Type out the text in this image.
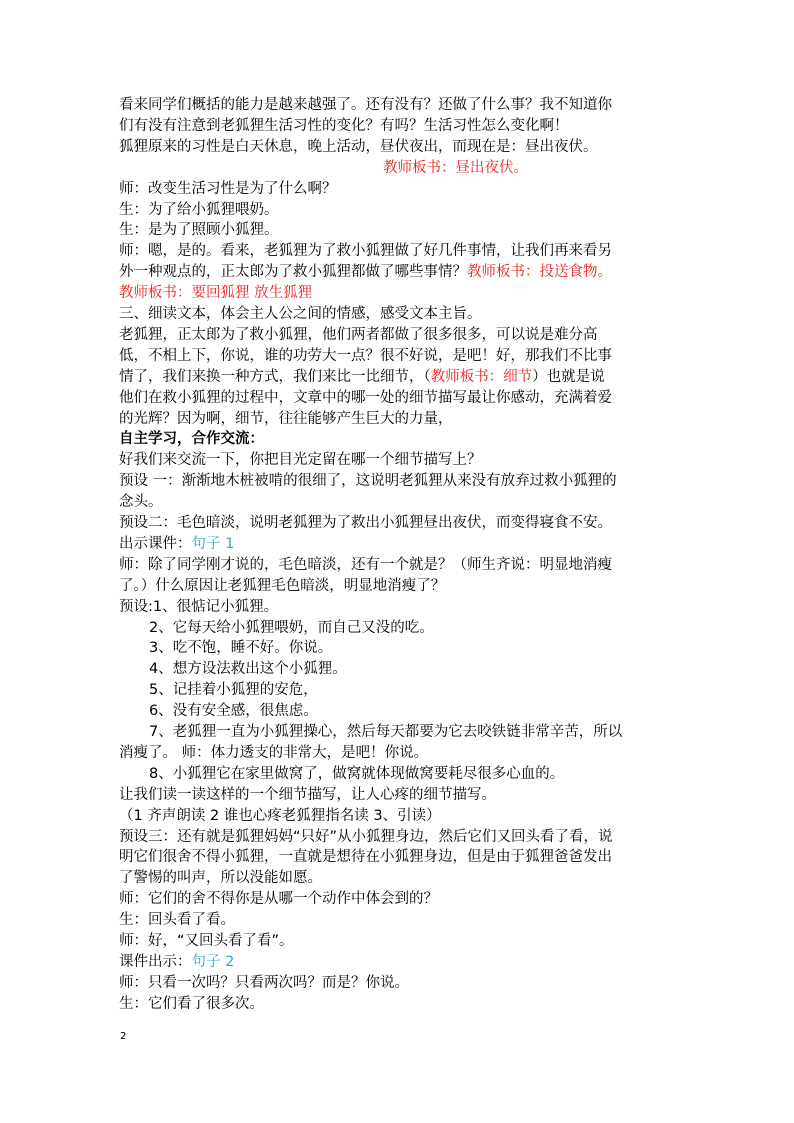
看来同学们概括的能力是越来越强了。还有没有？还做了什么事？我不知道你
们有没有注意到老狐狸生活习性的变化？有吗？生活习性怎么变化啊！
狐狸原来的习性是白天休息，晚上活动，昼伏夜出，而现在是：昼出夜伏。
教师板书：昼出夜伏。
师：改变生活习性是为了什么啊？
生：为了给小狐狸喂奶。
生：是为了照顾小狐狸。
师：嗯，是的。看来，老狐狸为了救小狐狸做了好几件事情，让我们再来看另
外一种观点的，正太郎为了救小狐狸都做了哪些事情？教师板书：投送食物。
教师板书：要回狐狸 放生狐狸
三、细读文本，体会主人公之间的情感，感受文本主旨。
老狐狸，正太郎为了救小狐狸，他们两者都做了很多很多，可以说是难分高
低，不相上下，你说，谁的功劳大一点？很不好说，是吧！好，那我们不比事
情了，我们来换一种方式，我们来比一比细节，（教师板书：细节）也就是说
他们在救小狐狸的过程中，文章中的哪一处的细节描写最让你感动，充满着爱
的光辉？因为啊，细节，往往能够产生巨大的力量，
自主学习，合作交流：
好我们来交流一下，你把目光定留在哪一个细节描写上？
预设 一：渐渐地木桩被啃的很细了，这说明老狐狸从来没有放弃过救小狐狸的
念头。
预设二：毛色暗淡，说明老狐狸为了救出小狐狸昼出夜伏，而变得寝食不安。
出示课件：句子 1
师：除了同学刚才说的，毛色暗淡，还有一个就是？（师生齐说：明显地消瘦
了。）什么原因让老狐狸毛色暗淡，明显地消瘦了？
预设:1、很惦记小狐狸。
2、它每天给小狐狸喂奶，而自己又没的吃。
3、吃不饱，睡不好。你说。
4、想方设法救出这个小狐狸。
5、记挂着小狐狸的安危，
6、没有安全感，很焦虑。
7、老狐狸一直为小狐狸操心，然后每天都要为它去咬铁链非常辛苦，所以
消瘦了。 师：体力透支的非常大，是吧！你说。
8、小狐狸它在家里做窝了，做窝就体现做窝要耗尽很多心血的。
让我们读一读这样的一个细节描写，让人心疼的细节描写。
（1 齐声朗读 2 谁也心疼老狐狸指名读 3、引读）
预设三：还有就是狐狸妈妈“只好”从小狐狸身边，然后它们又回头看了看，说
明它们很舍不得小狐狸，一直就是想待在小狐狸身边，但是由于狐狸爸爸发出
了警惕的叫声，所以没能如愿。
师：它们的舍不得你是从哪一个动作中体会到的？
生：回头看了看。
师：好，“又回头看了看”。
课件出示：句子 2
师：只看一次吗？只看两次吗？而是？你说。
生：它们看了很多次。
2
